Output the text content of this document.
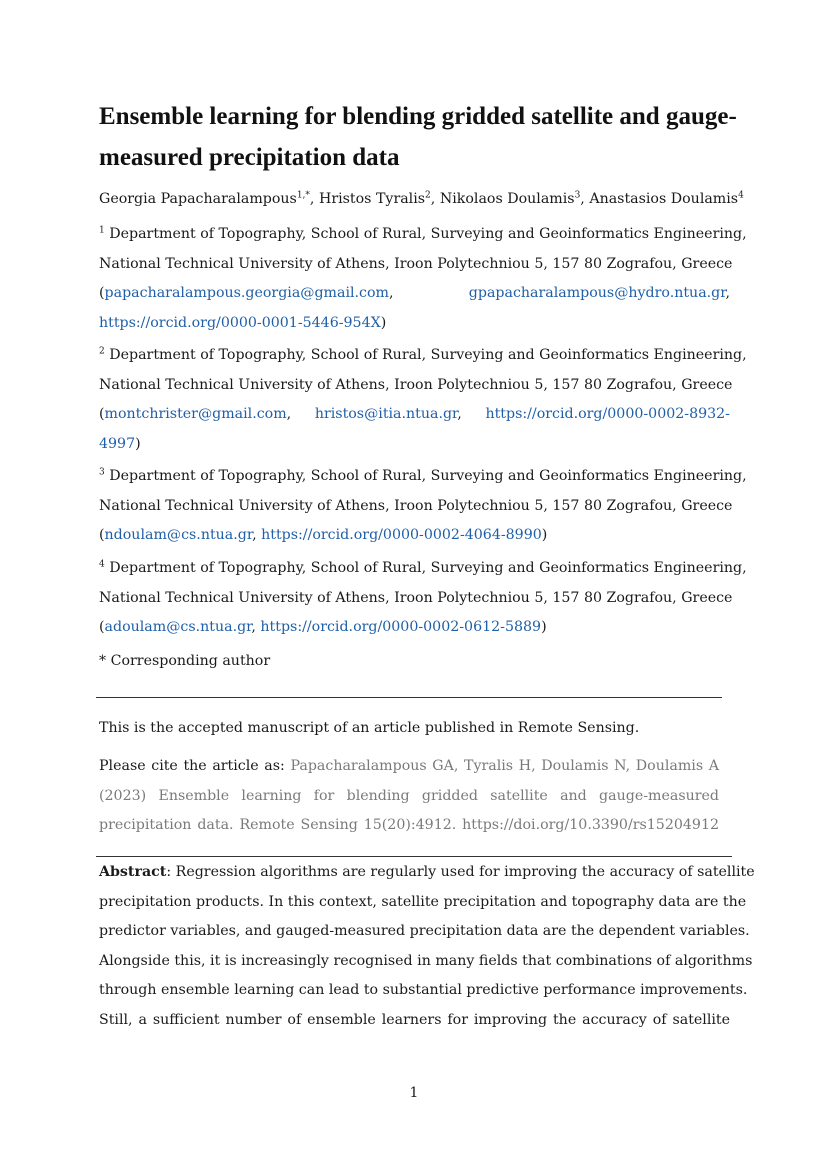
Ensemble learning for blending gridded satellite and gauge-measured precipitation data
Georgia Papacharalampous$^{1,*}$, Hristos Tyralis$^2$, Nikolaos Doulamis$^3$, Anastasios Doulamis$^4$
$^1$ Department of Topography, School of Rural, Surveying and Geoinformatics Engineering,
National Technical University of Athens, Iroon Polytechniou 5, 157 80 Zografou, Greece
(papacharalampous.georgia@gmail.com, gpapacharalampous@hydro.ntua.gr,
https://orcid.org/0000-0001-5446-954X)
$^2$ Department of Topography, School of Rural, Surveying and Geoinformatics Engineering,
National Technical University of Athens, Iroon Polytechniou 5, 157 80 Zografou, Greece
(montchrister@gmail.com, hristos@itia.ntua.gr, https://orcid.org/0000-0002-8932-
4997)
$^3$ Department of Topography, School of Rural, Surveying and Geoinformatics Engineering,
National Technical University of Athens, Iroon Polytechniou 5, 157 80 Zografou, Greece
(ndoulam@cs.ntua.gr, https://orcid.org/0000-0002-4064-8990)
$^4$ Department of Topography, School of Rural, Surveying and Geoinformatics Engineering,
National Technical University of Athens, Iroon Polytechniou 5, 157 80 Zografou, Greece
(adoulam@cs.ntua.gr, https://orcid.org/0000-0002-0612-5889)
* Corresponding author
This is the accepted manuscript of an article published in Remote Sensing.
Please cite the article as: Papacharalampous GA, Tyralis H, Doulamis N, Doulamis A
(2023) Ensemble learning for blending gridded satellite and gauge-measured
precipitation data. Remote Sensing 15(20):4912. https://doi.org/10.3390/rs15204912
Abstract: Regression algorithms are regularly used for improving the accuracy of satellite
precipitation products. In this context, satellite precipitation and topography data are the
predictor variables, and gauged-measured precipitation data are the dependent variables.
Alongside this, it is increasingly recognised in many fields that combinations of algorithms
through ensemble learning can lead to substantial predictive performance improvements.
Still, a sufficient number of ensemble learners for improving the accuracy of satellite
1
